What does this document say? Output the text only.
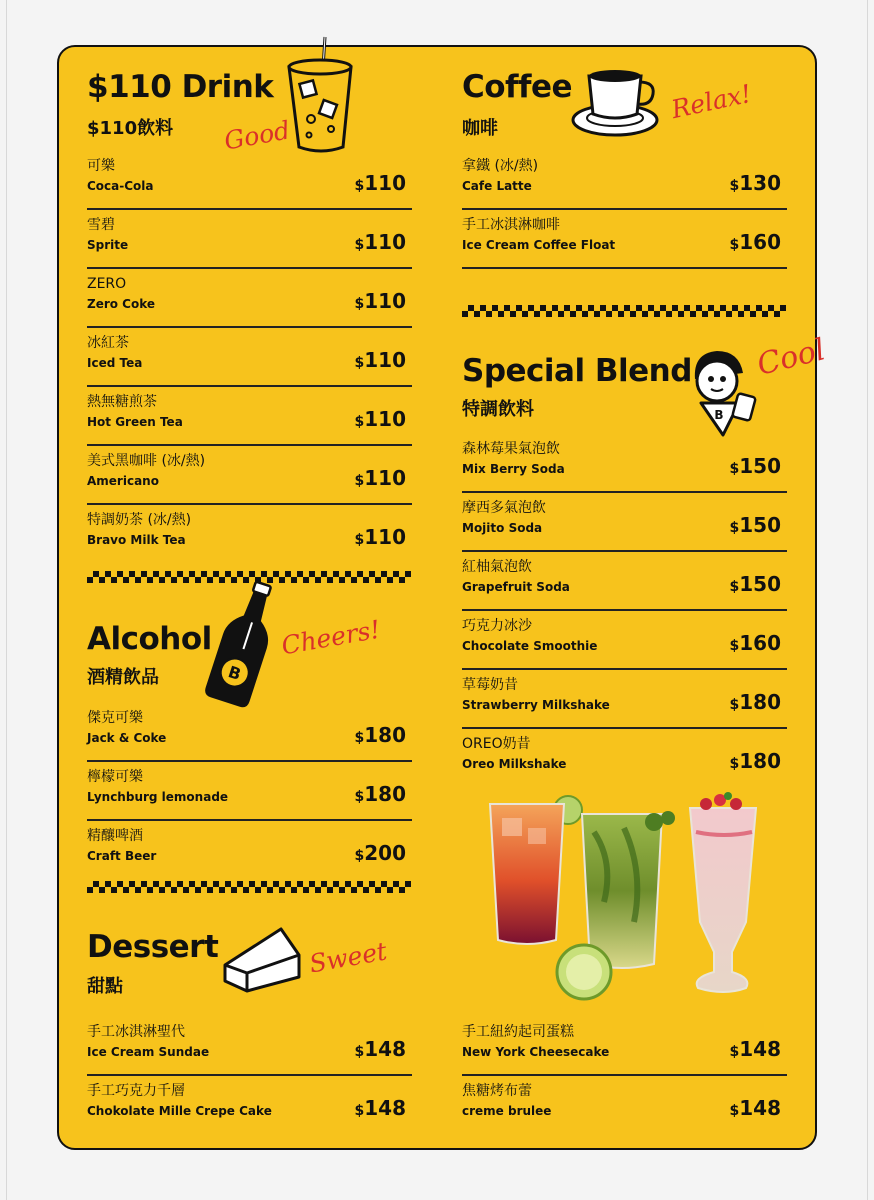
$110 Drink
$110飲料 Good
可樂
Coca-Cola	$110
雪碧
Sprite	$110
ZERO
Zero Coke	$110
冰紅茶
Iced Tea	$110
熱無糖煎茶
Hot Green Tea	$110
美式黑咖啡 (冰/熱)
Americano	$110
特調奶茶 (冰/熱)
Bravo Milk Tea	$110
Alcohol
酒精飲品	B
Cheers!
傑克可樂
Jack & Coke	$180
檸檬可樂
Lynchburg lemonade	$180
精釀啤酒
Craft Beer	$200
Dessert
甜點
Sweet
手工冰淇淋聖代
Ice Cream Sundae	$148
手工巧克力千層
Chokolate Mille Crepe Cake	$148
Coffee
咖啡
Relax!
拿鐵 (冰/熱)
Cafe Latte	$130
手工冰淇淋咖啡
Ice Cream Coffee Float	$160
Special Blend
特調飲料	B
Cool
森林莓果氣泡飲
Mix Berry Soda	$150
摩西多氣泡飲
Mojito Soda	$150
紅柚氣泡飲
Grapefruit Soda	$150
巧克力冰沙
Chocolate Smoothie	$160
草莓奶昔
Strawberry Milkshake	$180
OREO奶昔
Oreo Milkshake	$180
手工紐約起司蛋糕
New York Cheesecake	$148
焦糖烤布蕾
creme brulee	$148
